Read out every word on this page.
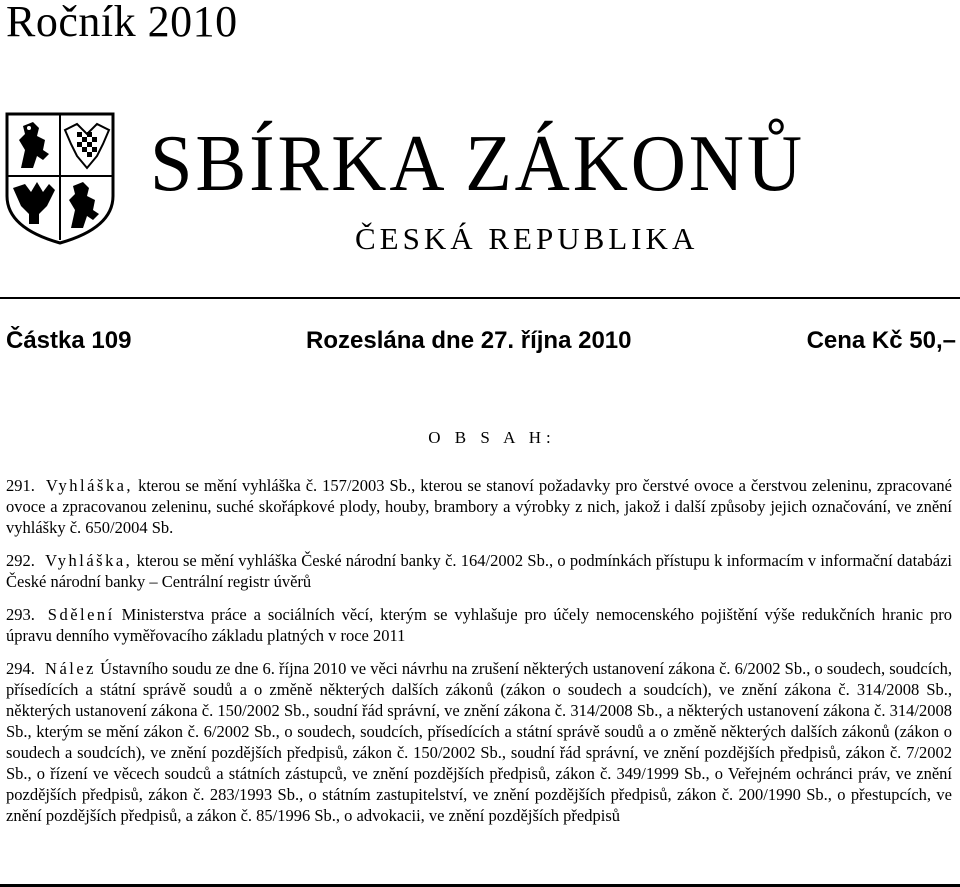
Ročník 2010
SBÍRKA ZÁKONŮ
ČESKÁ REPUBLIKA
Částka 109	Rozeslána dne 27. října 2010	Cena Kč 50,–
O B S A H:

291. Vyhláška, kterou se mění vyhláška č. 157/2003 Sb., kterou se stanoví požadavky pro čerstvé ovoce a čerstvou zeleninu, zpracované ovoce a zpracovanou zeleninu, suché skořápkové plody, houby, brambory a výrobky z nich, jakož i další způsoby jejich označování, ve znění vyhlášky č. 650/2004 Sb.

292. Vyhláška, kterou se mění vyhláška České národní banky č. 164/2002 Sb., o podmínkách přístupu k informacím v informační databázi České národní banky – Centrální registr úvěrů

293. Sdělení Ministerstva práce a sociálních věcí, kterým se vyhlašuje pro účely nemocenského pojištění výše redukčních hranic pro úpravu denního vyměřovacího základu platných v roce 2011

294. Nález Ústavního soudu ze dne 6. října 2010 ve věci návrhu na zrušení některých ustanovení zákona č. 6/2002 Sb., o soudech, soudcích, přísedících a státní správě soudů a o změně některých dalších zákonů (zákon o soudech a soudcích), ve znění zákona č. 314/2008 Sb., některých ustanovení zákona č. 150/2002 Sb., soudní řád správní, ve znění zákona č. 314/2008 Sb., a některých ustanovení zákona č. 314/2008 Sb., kterým se mění zákon č. 6/2002 Sb., o soudech, soudcích, přísedících a státní správě soudů a o změně některých dalších zákonů (zákon o soudech a soudcích), ve znění pozdějších předpisů, zákon č. 150/2002 Sb., soudní řád správní, ve znění pozdějších předpisů, zákon č. 7/2002 Sb., o řízení ve věcech soudců a státních zástupců, ve znění pozdějších předpisů, zákon č. 349/1999 Sb., o Veřejném ochránci práv, ve znění pozdějších předpisů, zákon č. 283/1993 Sb., o státním zastupitelství, ve znění pozdějších předpisů, zákon č. 200/1990 Sb., o přestupcích, ve znění pozdějších předpisů, a zákon č. 85/1996 Sb., o advokacii, ve znění pozdějších předpisů
